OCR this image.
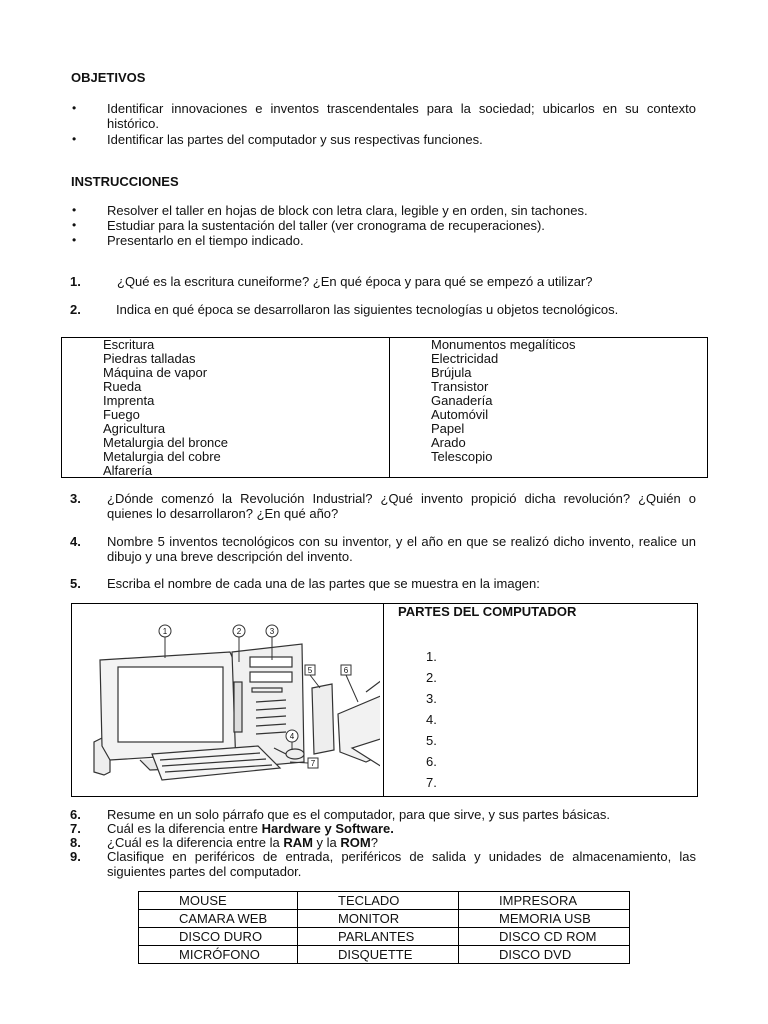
OBJETIVOS
• Identificar innovaciones e inventos trascendentales para la sociedad; ubicarlos en su contexto histórico.
• Identificar las partes del computador y sus respectivas funciones.
INSTRUCCIONES
• Resolver el taller en hojas de block con letra clara, legible y en orden, sin tachones.
• Estudiar para la sustentación del taller (ver cronograma de recuperaciones).
• Presentarlo en el tiempo indicado.
1.	¿Qué es la escritura cuneiforme? ¿En qué época y para qué se empezó a utilizar?
2.	Indica en qué época se desarrollaron las siguientes tecnologías u objetos tecnológicos.
Escritura
Piedras talladas
Máquina de vapor
Rueda
Imprenta
Fuego
Agricultura
Metalurgia del bronce
Metalurgia del cobre
Alfarería
Monumentos megalíticos
Electricidad
Brújula
Transistor
Ganadería
Automóvil
Papel
Arado
Telescopio
3. ¿Dónde comenzó la Revolución Industrial? ¿Qué invento propició dicha revolución? ¿Quién o quienes lo desarrollaron? ¿En qué año?
4. Nombre 5 inventos tecnológicos con su inventor, y el año en que se realizó dicho invento, realice un dibujo y una breve descripción del invento.
5. Escriba el nombre de cada una de las partes que se muestra en la imagen:
1	2	3
4
5	6
7
PARTES DEL COMPUTADOR
1.
2.
3.
4.
5.
6.
7.
6. Resume en un solo párrafo que es el computador, para que sirve, y sus partes básicas.
7. Cuál es la diferencia entre Hardware y Software.
8. ¿Cuál es la diferencia entre la RAM y la ROM?
9. Clasifique en periféricos de entrada, periféricos de salida y unidades de almacenamiento, las siguientes partes del computador.
MOUSE	TECLADO	IMPRESORA
CAMARA WEB	MONITOR	MEMORIA USB
DISCO DURO	PARLANTES	DISCO CD ROM
MICRÓFONO	DISQUETTE	DISCO DVD
